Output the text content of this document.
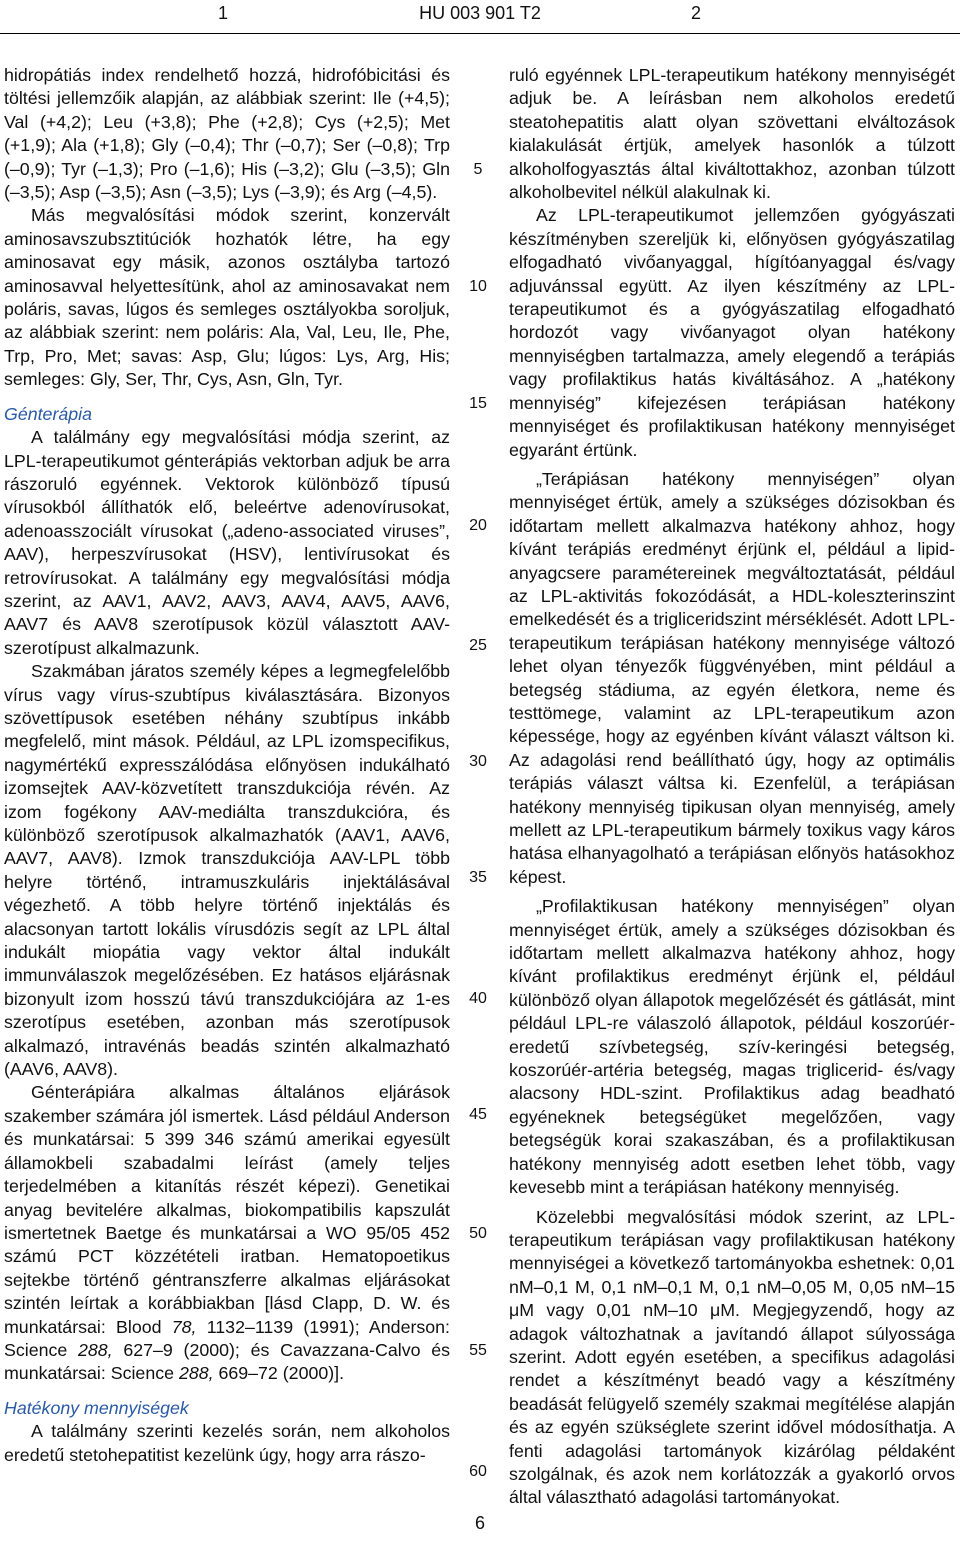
1	HU 003 901 T2	2

hidropátiás index rendelhető hozzá, hidrofóbicitási és töltési jellemzőik alapján, az alábbiak szerint: Ile (+4,5); Val (+4,2); Leu (+3,8); Phe (+2,8); Cys (+2,5); Met (+1,9); Ala (+1,8); Gly (–0,4); Thr (–0,7); Ser (–0,8); Trp (–0,9); Tyr (–1,3); Pro (–1,6); His (–3,2); Glu (–3,5); Gln (–3,5); Asp (–3,5); Asn (–3,5); Lys (–3,9); és Arg (–4,5).

Más megvalósítási módok szerint, konzervált aminosavszubsztitúciók hozhatók létre, ha egy aminosavat egy másik, azonos osztályba tartozó aminosavval helyettesítünk, ahol az aminosavakat nem poláris, savas, lúgos és semleges osztályokba soroljuk, az alábbiak szerint: nem poláris: Ala, Val, Leu, Ile, Phe, Trp, Pro, Met; savas: Asp, Glu; lúgos: Lys, Arg, His; semleges: Gly, Ser, Thr, Cys, Asn, Gln, Tyr.

Génterápia

A találmány egy megvalósítási módja szerint, az LPL-terapeutikumot génterápiás vektorban adjuk be arra rászoruló egyénnek. Vektorok különböző típusú vírusokból állíthatók elő, beleértve adenovírusokat, adenoasszociált vírusokat („adeno-associated viruses”, AAV), herpeszvírusokat (HSV), lentivírusokat és retrovírusokat. A találmány egy megvalósítási módja szerint, az AAV1, AAV2, AAV3, AAV4, AAV5, AAV6, AAV7 és AAV8 szerotípusok közül választott AAV-szerotípust alkalmazunk.

Szakmában járatos személy képes a legmegfelelőbb vírus vagy vírus-szubtípus kiválasztására. Bizonyos szövettípusok esetében néhány szubtípus inkább megfelelő, mint mások. Például, az LPL izomspecifikus, nagymértékű expresszálódása előnyösen indukálható izomsejtek AAV-közvetített transzdukciója révén. Az izom fogékony AAV-mediálta transzdukcióra, és különböző szerotípusok alkalmazhatók (AAV1, AAV6, AAV7, AAV8). Izmok transzdukciója AAV-LPL több helyre történő, intramuszkuláris injektálásával végezhető. A több helyre történő injektálás és alacsonyan tartott lokális vírusdózis segít az LPL által indukált miopátia vagy vektor által indukált immunválaszok megelőzésében. Ez hatásos eljárásnak bizonyult izom hosszú távú transzdukciójára az 1-es szerotípus esetében, azonban más szerotípusok alkalmazó, intravénás beadás szintén alkalmazható (AAV6, AAV8).

Génterápiára alkalmas általános eljárások szakember számára jól ismertek. Lásd például Anderson és munkatársai: 5 399 346 számú amerikai egyesült államokbeli szabadalmi leírást (amely teljes terjedelmében a kitanítás részét képezi). Genetikai anyag bevitelére alkalmas, biokompatibilis kapszulát ismertetnek Baetge és munkatársai a WO 95/05 452 számú PCT közzétételi iratban. Hematopoetikus sejtekbe történő géntranszferre alkalmas eljárásokat szintén leírtak a korábbiakban [lásd Clapp, D. W. és munkatársai: Blood 78, 1132–1139 (1991); Anderson: Science 288, 627–9 (2000); és Cavazzana-Calvo és munkatársai: Science 288, 669–72 (2000)].

Hatékony mennyiségek

A találmány szerinti kezelés során, nem alkoholos eredetű stetohepatitist kezelünk úgy, hogy arra rászo-

ruló egyénnek LPL-terapeutikum hatékony mennyiségét adjuk be. A leírásban nem alkoholos eredetű steatohepatitis alatt olyan szövettani elváltozások kialakulását értjük, amelyek hasonlók a túlzott alkoholfogyasztás által kiváltottakhoz, azonban túlzott alkoholbevitel nélkül alakulnak ki.

Az LPL-terapeutikumot jellemzően gyógyászati készítményben szereljük ki, előnyösen gyógyászatilag elfogadható vivőanyaggal, hígítóanyaggal és/vagy adjuvánssal együtt. Az ilyen készítmény az LPL-terapeutikumot és a gyógyászatilag elfogadható hordozót vagy vivőanyagot olyan hatékony mennyiségben tartalmazza, amely elegendő a terápiás vagy profilaktikus hatás kiváltásához. A „hatékony mennyiség” kifejezésen terápiásan hatékony mennyiséget és profilaktikusan hatékony mennyiséget egyaránt értünk.

„Terápiásan hatékony mennyiségen” olyan mennyiséget értük, amely a szükséges dózisokban és időtartam mellett alkalmazva hatékony ahhoz, hogy kívánt terápiás eredményt érjünk el, például a lipid-anyagcsere paramétereinek megváltoztatását, például az LPL-aktivitás fokozódását, a HDL-koleszterinszint emelkedését és a trigliceridszint mérséklését. Adott LPL-terapeutikum terápiásan hatékony mennyisége változó lehet olyan tényezők függvényében, mint például a betegség stádiuma, az egyén életkora, neme és testtömege, valamint az LPL-terapeutikum azon képessége, hogy az egyénben kívánt választ váltson ki. Az adagolási rend beállítható úgy, hogy az optimális terápiás választ váltsa ki. Ezenfelül, a terápiásan hatékony mennyiség tipikusan olyan mennyiség, amely mellett az LPL-terapeutikum bármely toxikus vagy káros hatása elhanyagolható a terápiásan előnyös hatásokhoz képest.

„Profilaktikusan hatékony mennyiségen” olyan mennyiséget értük, amely a szükséges dózisokban és időtartam mellett alkalmazva hatékony ahhoz, hogy kívánt profilaktikus eredményt érjünk el, például különböző olyan állapotok megelőzését és gátlását, mint például LPL-re válaszoló állapotok, például koszorúér-eredetű szívbetegség, szív-keringési betegség, koszorúér-artéria betegség, magas triglicerid- és/vagy alacsony HDL-szint. Profilaktikus adag beadható egyéneknek betegségüket megelőzően, vagy betegségük korai szakaszában, és a profilaktikusan hatékony mennyiség adott esetben lehet több, vagy kevesebb mint a terápiásan hatékony mennyiség.

Közelebbi megvalósítási módok szerint, az LPL-terapeutikum terápiásan vagy profilaktikusan hatékony mennyiségei a következő tartományokba eshetnek: 0,01 nM–0,1 M, 0,1 nM–0,1 M, 0,1 nM–0,05 M, 0,05 nM–15 μM vagy 0,01 nM–10 μM. Megjegyzendő, hogy az adagok változhatnak a javítandó állapot súlyossága szerint. Adott egyén esetében, a specifikus adagolási rendet a készítményt beadó vagy a készítmény beadását felügyelő személy szakmai megítélése alapján és az egyén szükséglete szerint idővel módosíthatja. A fenti adagolási tartományok kizárólag példaként szolgálnak, és azok nem korlátozzák a gyakorló orvos által választható adagolási tartományokat.

5
10
15
20
25
30
35
40
45
50
55
60
6
